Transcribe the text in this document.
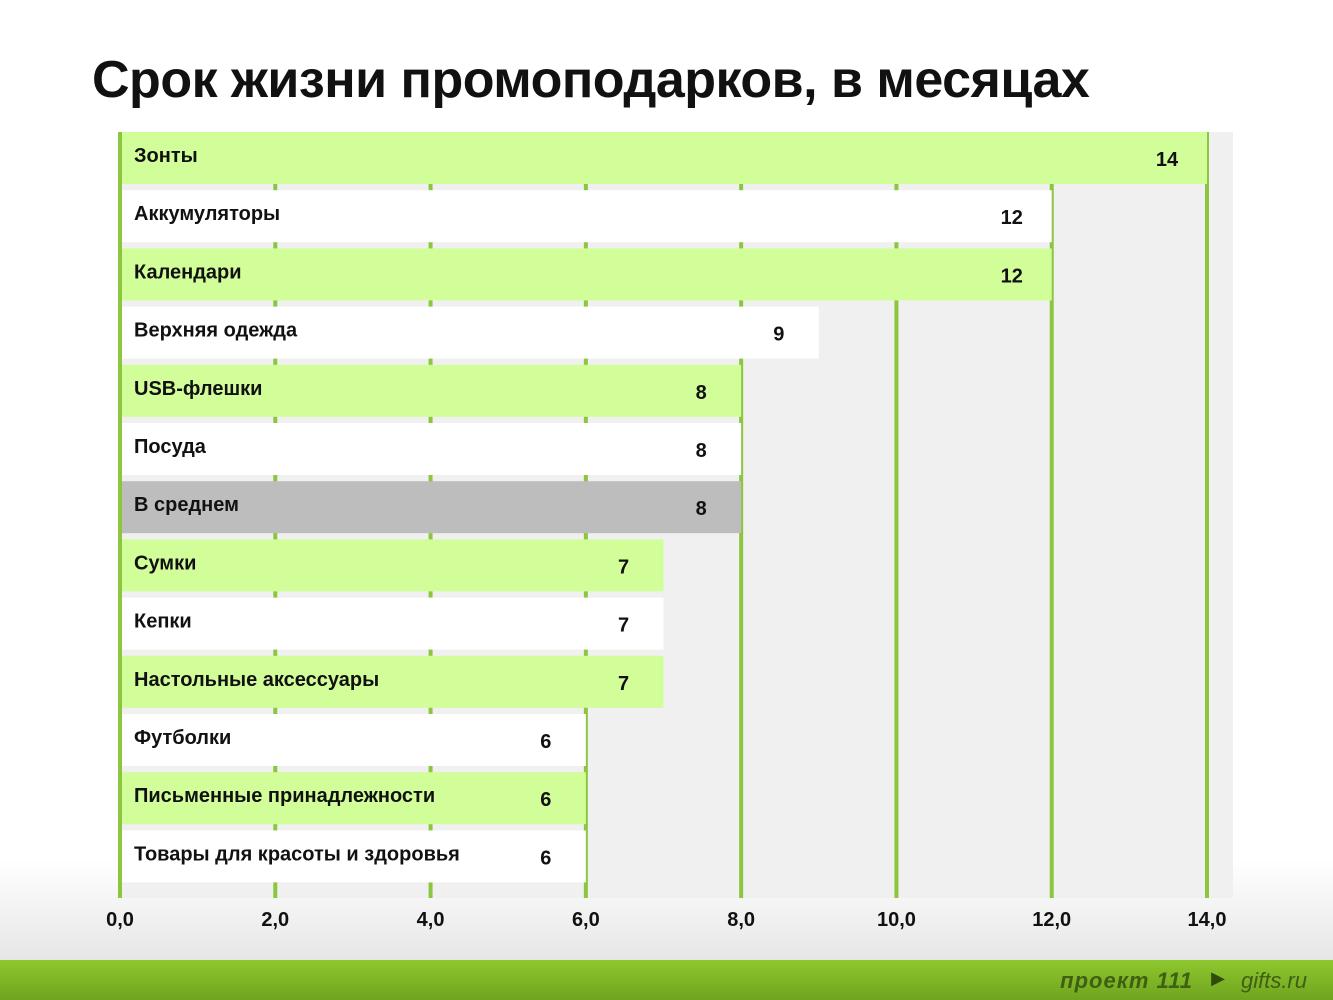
Срок жизни промоподарков, в месяцах
Зонты	14
Аккумуляторы	12
Календари	12
Верхняя одежда	9
USB-флешки	8
Посуда	8
В среднем	8
Сумки	7
Кепки	7
Настольные аксессуары	7
Футболки	6
Письменные принадлежности	6
Товары для красоты и здоровья	6
0,0	2,0	4,0	6,0	8,0	10,0	12,0	14,0
проект 111 ▶ gifts.ru
